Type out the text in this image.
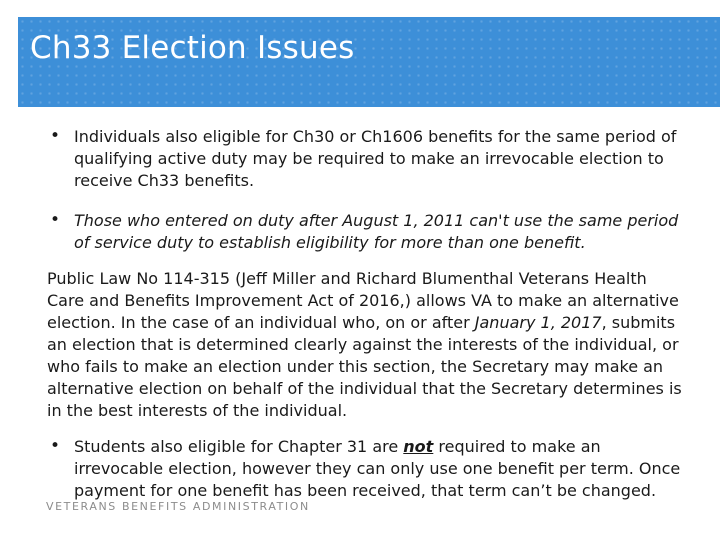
Ch33 Election Issues
• Individuals also eligible for Ch30 or Ch1606 benefits for the same period of qualifying active duty may be required to make an irrevocable election to receive Ch33 benefits.
• Those who entered on duty after August 1, 2011 can't use the same period of service duty to establish eligibility for more than one benefit.

Public Law No 114-315 (Jeff Miller and Richard Blumenthal Veterans Health Care and Benefits Improvement Act of 2016,) allows VA to make an alternative election. In the case of an individual who, on or after January 1, 2017, submits an election that is determined clearly against the interests of the individual, or who fails to make an election under this section, the Secretary may make an alternative election on behalf of the individual that the Secretary determines is in the best interests of the individual.

• Students also eligible for Chapter 31 are not required to make an irrevocable election, however they can only use one benefit per term. Once payment for one benefit has been received, that term can’t be changed.
VETERANS BENEFITS ADMINISTRATION
